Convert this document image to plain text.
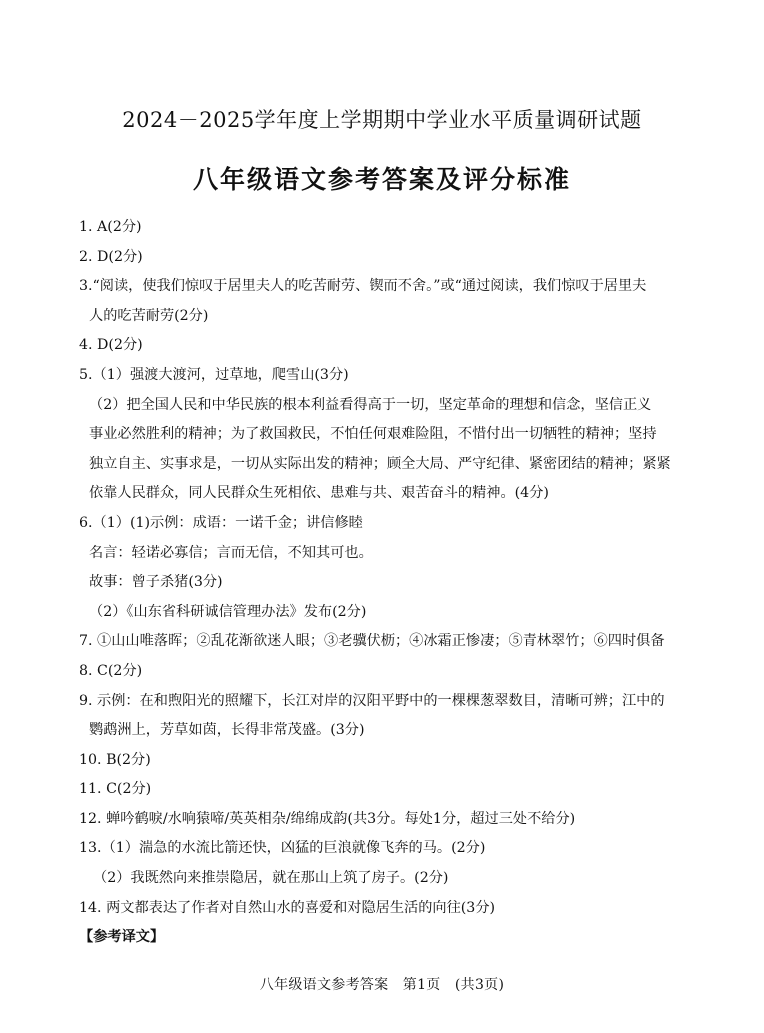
2024－2025学年度上学期期中学业水平质量调研试题
八年级语文参考答案及评分标准
1. A(2分)
2. D(2分)
3.“阅读，使我们惊叹于居里夫人的吃苦耐劳、锲而不舍。”或“通过阅读，我们惊叹于居里夫
人的吃苦耐劳(2分)
4. D(2分)
5.（1）强渡大渡河，过草地，爬雪山(3分)
（2）把全国人民和中华民族的根本利益看得高于一切，坚定革命的理想和信念，坚信正义
事业必然胜利的精神；为了救国救民，不怕任何艰难险阻，不惜付出一切牺牲的精神；坚持
独立自主、实事求是，一切从实际出发的精神；顾全大局、严守纪律、紧密团结的精神；紧紧
依靠人民群众，同人民群众生死相依、患难与共、艰苦奋斗的精神。(4分)
6.（1）(1)示例：成语：一诺千金；讲信修睦
名言：轻诺必寡信；言而无信，不知其可也。
故事：曾子杀猪(3分)
（2）《山东省科研诚信管理办法》发布(2分)
7. ①山山唯落晖；②乱花渐欲迷人眼；③老骥伏枥；④冰霜正惨凄；⑤青林翠竹；⑥四时俱备
8. C(2分)
9. 示例：在和煦阳光的照耀下，长江对岸的汉阳平野中的一棵棵葱翠数目，清晰可辨；江中的
鹦鹉洲上，芳草如茵，长得非常茂盛。(3分)
10. B(2分)
11. C(2分)
12. 蝉吟鹤唳/水响猿啼/英英相杂/绵绵成韵(共3分。每处1分，超过三处不给分)
13.（1）湍急的水流比箭还快，凶猛的巨浪就像飞奔的马。(2分)
（2）我既然向来推崇隐居，就在那山上筑了房子。(2分)
14. 两文都表达了作者对自然山水的喜爱和对隐居生活的向往(3分)
【参考译文】
八年级语文参考答案　第1页　(共3页)
